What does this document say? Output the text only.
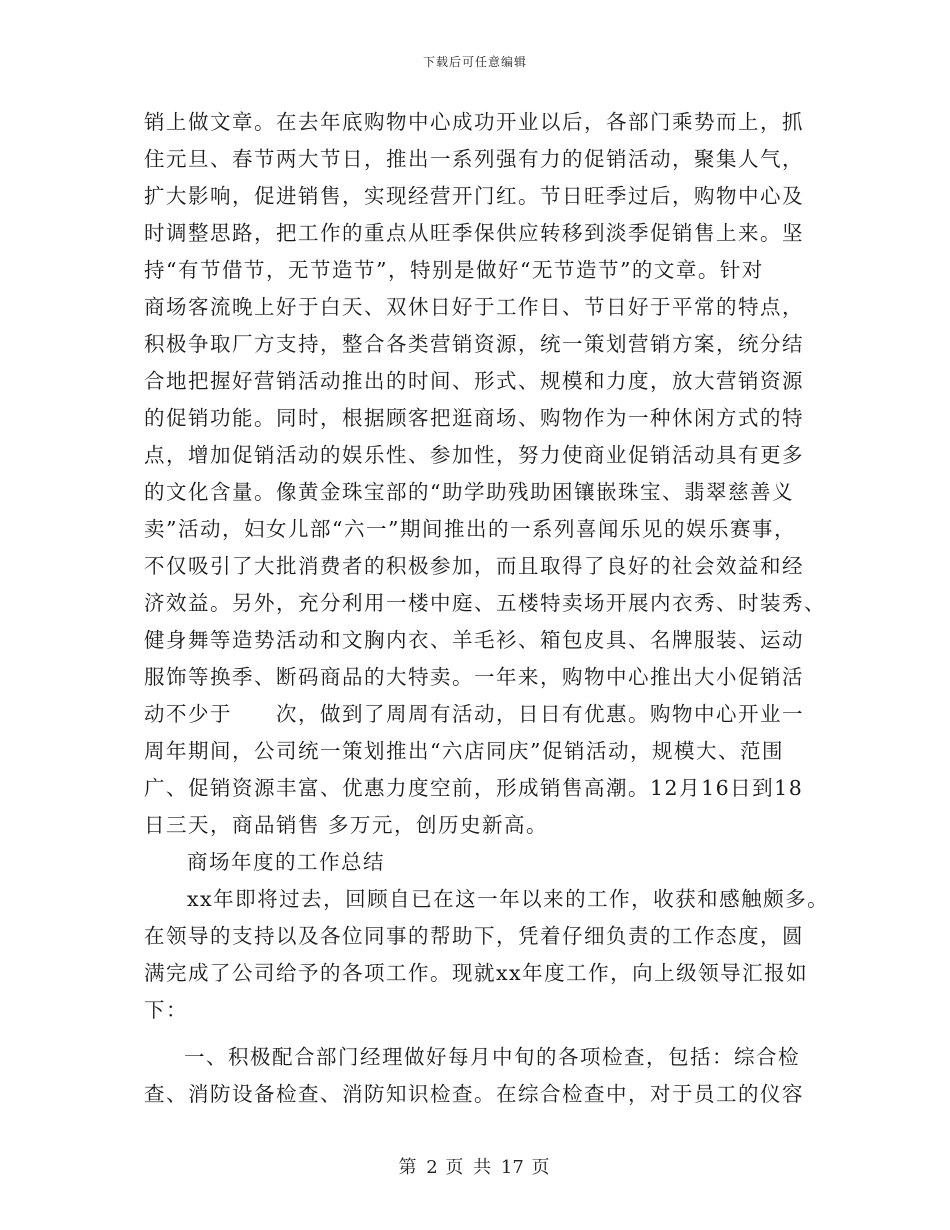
下载后可任意编辑
销上做文章。在去年底购物中心成功开业以后，各部门乘势而上，抓
住元旦、春节两大节日，推出一系列强有力的促销活动，聚集人气，
扩大影响，促进销售，实现经营开门红。节日旺季过后，购物中心及
时调整思路，把工作的重点从旺季保供应转移到淡季促销售上来。坚
持“有节借节，无节造节”，特别是做好“无节造节”的文章。针对
商场客流晚上好于白天、双休日好于工作日、节日好于平常的特点，
积极争取厂方支持，整合各类营销资源，统一策划营销方案，统分结
合地把握好营销活动推出的时间、形式、规模和力度，放大营销资源
的促销功能。同时，根据顾客把逛商场、购物作为一种休闲方式的特
点，增加促销活动的娱乐性、参加性，努力使商业促销活动具有更多
的文化含量。像黄金珠宝部的“助学助残助困镶嵌珠宝、翡翠慈善义
卖”活动，妇女儿部“六一”期间推出的一系列喜闻乐见的娱乐赛事，
不仅吸引了大批消费者的积极参加，而且取得了良好的社会效益和经
济效益。另外，充分利用一楼中庭、五楼特卖场开展内衣秀、时装秀、
健身舞等造势活动和文胸内衣、羊毛衫、箱包皮具、名牌服装、运动
服饰等换季、断码商品的大特卖。一年来，购物中心推出大小促销活
动不少于　　次，做到了周周有活动，日日有优惠。购物中心开业一
周年期间，公司统一策划推出“六店同庆”促销活动，规模大、范围
广、促销资源丰富、优惠力度空前，形成销售高潮。12月16日到18
日三天，商品销售 多万元，创历史新高。
商场年度的工作总结
xx年即将过去，回顾自已在这一年以来的工作，收获和感触颇多。
在领导的支持以及各位同事的帮助下，凭着仔细负责的工作态度，圆
满完成了公司给予的各项工作。现就xx年度工作，向上级领导汇报如
下：
一、积极配合部门经理做好每月中旬的各项检查，包括：综合检
查、消防设备检查、消防知识检查。在综合检查中，对于员工的仪容
第 2 页 共 17 页
